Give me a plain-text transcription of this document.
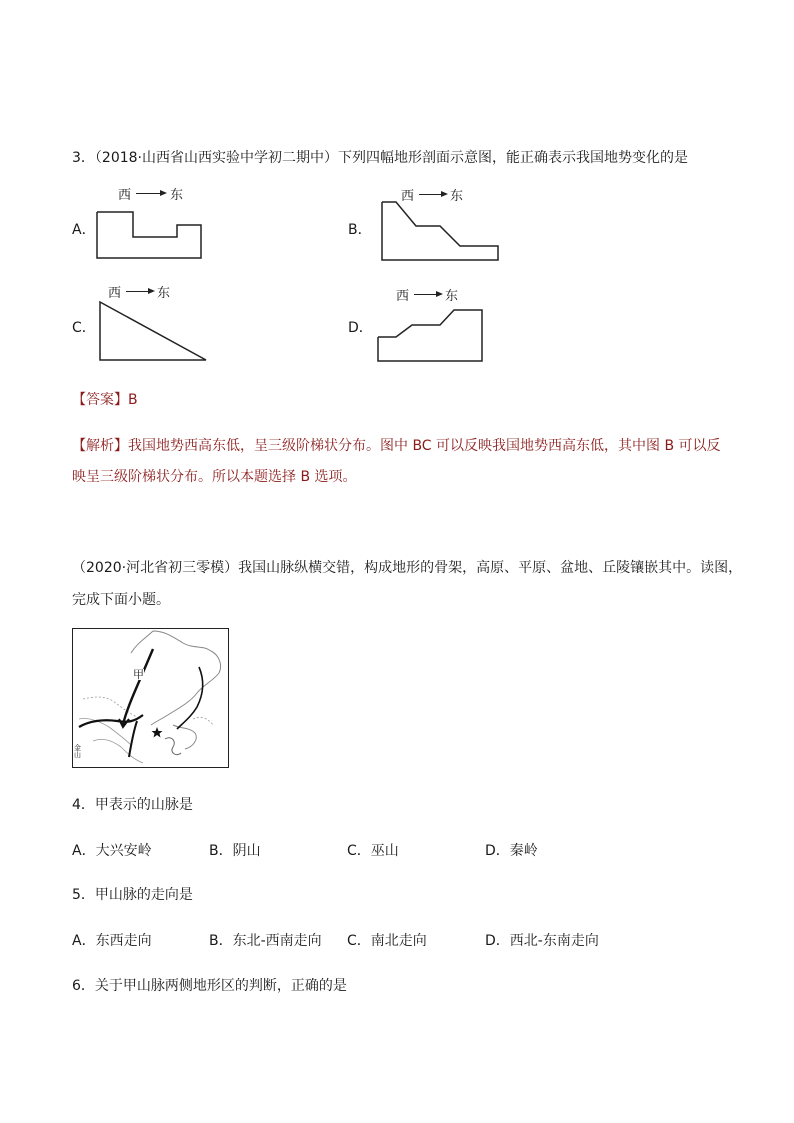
3．（2018·山西省山西实验中学初二期中）下列四幅地形剖面示意图，能正确表示我国地势变化的是
A．
西	东
B．
西	东
C．
西	东
D．
西	东
【答案】B
【解析】我国地势西高东低，呈三级阶梯状分布。图中 BC 可以反映我国地势西高东低，其中图 B 可以反
映呈三级阶梯状分布。所以本题选择 B 选项。
（2020·河北省初三零模）我国山脉纵横交错，构成地形的骨架，高原、平原、盆地、丘陵镶嵌其中。读图，
完成下面小题。
甲
金山
4．甲表示的山脉是
A．大兴安岭	B．阴山	C．巫山	D．秦岭
5．甲山脉的走向是
A．东西走向	B．东北-西南走向 C．南北走向	D．西北-东南走向
6．关于甲山脉两侧地形区的判断，正确的是
